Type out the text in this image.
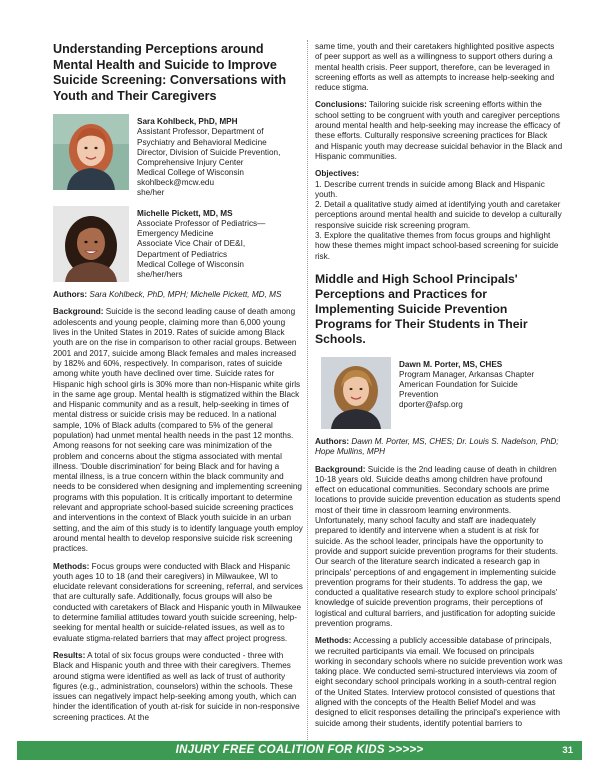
Understanding Perceptions around Mental Health and Suicide to Improve Suicide Screening: Conversations with Youth and Their Caregivers
Sara Kohlbeck, PhD, MPH
Assistant Professor, Department of
Psychiatry and Behavioral Medicine
Director, Division of Suicide Prevention,
Comprehensive Injury Center
Medical College of Wisconsin
skohlbeck@mcw.edu
she/her
Michelle Pickett, MD, MS
Associate Professor of Pediatrics—
Emergency Medicine
Associate Vice Chair of DE&I,
Department of Pediatrics
Medical College of Wisconsin
she/her/hers

Authors: Sara Kohlbeck, PhD, MPH; Michelle Pickett, MD, MS

Background: Suicide is the second leading cause of death among adolescents and young people, claiming more than 6,000 young lives in the United States in 2019. Rates of suicide among Black youth are on the rise in comparison to other racial groups. Between 2001 and 2017, suicide among Black females and males increased by 182% and 60%, respectively. In comparison, rates of suicide among white youth have declined over time. Suicide rates for Hispanic high school girls is 30% more than non-Hispanic white girls in the same age group. Mental health is stigmatized within the Black and Hispanic community and as a result, help-seeking in times of mental distress or suicide crisis may be reduced. In a national sample, 10% of Black adults (compared to 5% of the general population) had unmet mental health needs in the past 12 months. Among reasons for not seeking care was minimization of the problem and concerns about the stigma associated with mental illness. 'Double discrimination' for being Black and for having a mental illness, is a true concern within the black community and needs to be considered when designing and implementing screening programs with this population. It is critically important to determine relevant and appropriate school-based suicide screening practices and interventions in the context of Black youth suicide in an urban setting, and the aim of this study is to identify language youth employ around mental health to develop responsive suicide risk screening practices.

Methods: Focus groups were conducted with Black and Hispanic youth ages 10 to 18 (and their caregivers) in Milwaukee, WI to elucidate relevant considerations for screening, referral, and services that are culturally safe. Additionally, focus groups will also be conducted with caretakers of Black and Hispanic youth in Milwaukee to determine familial attitudes toward youth suicide screening, help-seeking for mental health or suicide-related issues, as well as to evaluate stigma-related barriers that may affect project progress.

Results: A total of six focus groups were conducted - three with Black and Hispanic youth and three with their caregivers. Themes around stigma were identified as well as lack of trust of authority figures (e.g., administration, counselors) within the schools. These issues can negatively impact help-seeking among youth, which can hinder the identification of youth at-risk for suicide in non-responsive screening practices. At the

same time, youth and their caretakers highlighted positive aspects of peer support as well as a willingness to support others during a mental health crisis. Peer support, therefore, can be leveraged in screening efforts as well as attempts to increase help-seeking and reduce stigma.

Conclusions: Tailoring suicide risk screening efforts within the school setting to be congruent with youth and caregiver perceptions around mental health and help-seeking may increase the efficacy of these efforts. Culturally responsive screening practices for Black and Hispanic youth may decrease suicidal behavior in the Black and Hispanic communities.

Objectives:
1. Describe current trends in suicide among Black and Hispanic youth.
2. Detail a qualitative study aimed at identifying youth and caretaker perceptions around mental health and suicide to develop a culturally responsive suicide risk screening program.
3. Explore the qualitative themes from focus groups and highlight how these themes might impact school-based screening for suicide risk.

Middle and High School Principals' Perceptions and Practices for Implementing Suicide Prevention Programs for Their Students in Their Schools.
Dawn M. Porter, MS, CHES
Program Manager, Arkansas Chapter
American Foundation for Suicide
Prevention
dporter@afsp.org

Authors: Dawn M. Porter, MS, CHES; Dr. Louis S. Nadelson, PhD; Hope Mullins, MPH

Background: Suicide is the 2nd leading cause of death in children 10-18 years old. Suicide deaths among children have profound effect on educational communities. Secondary schools are prime locations to provide suicide prevention education as students spend most of their time in classroom learning environments. Unfortunately, many school faculty and staff are inadequately prepared to identify and intervene when a student is at risk for suicide. As the school leader, principals have the opportunity to provide and support suicide prevention programs for their students. Our search of the literature search indicated a research gap in principals' perceptions of and engagement in implementing suicide prevention programs for their students. To address the gap, we conducted a qualitative research study to explore school principals' knowledge of suicide prevention programs, their perceptions of logistical and cultural barriers, and justification for adopting suicide prevention programs.

Methods: Accessing a publicly accessible database of principals, we recruited participants via email. We focused on principals working in secondary schools where no suicide prevention work was taking place. We conducted semi-structured interviews via zoom of eight secondary school principals working in a south-central region of the United States. Interview protocol consisted of questions that aligned with the concepts of the Health Belief Model and was designed to elicit responses detailing the principal's experience with suicide among their students, identify potential barriers to

INJURY FREE COALITION FOR KIDS >>>>>	31
